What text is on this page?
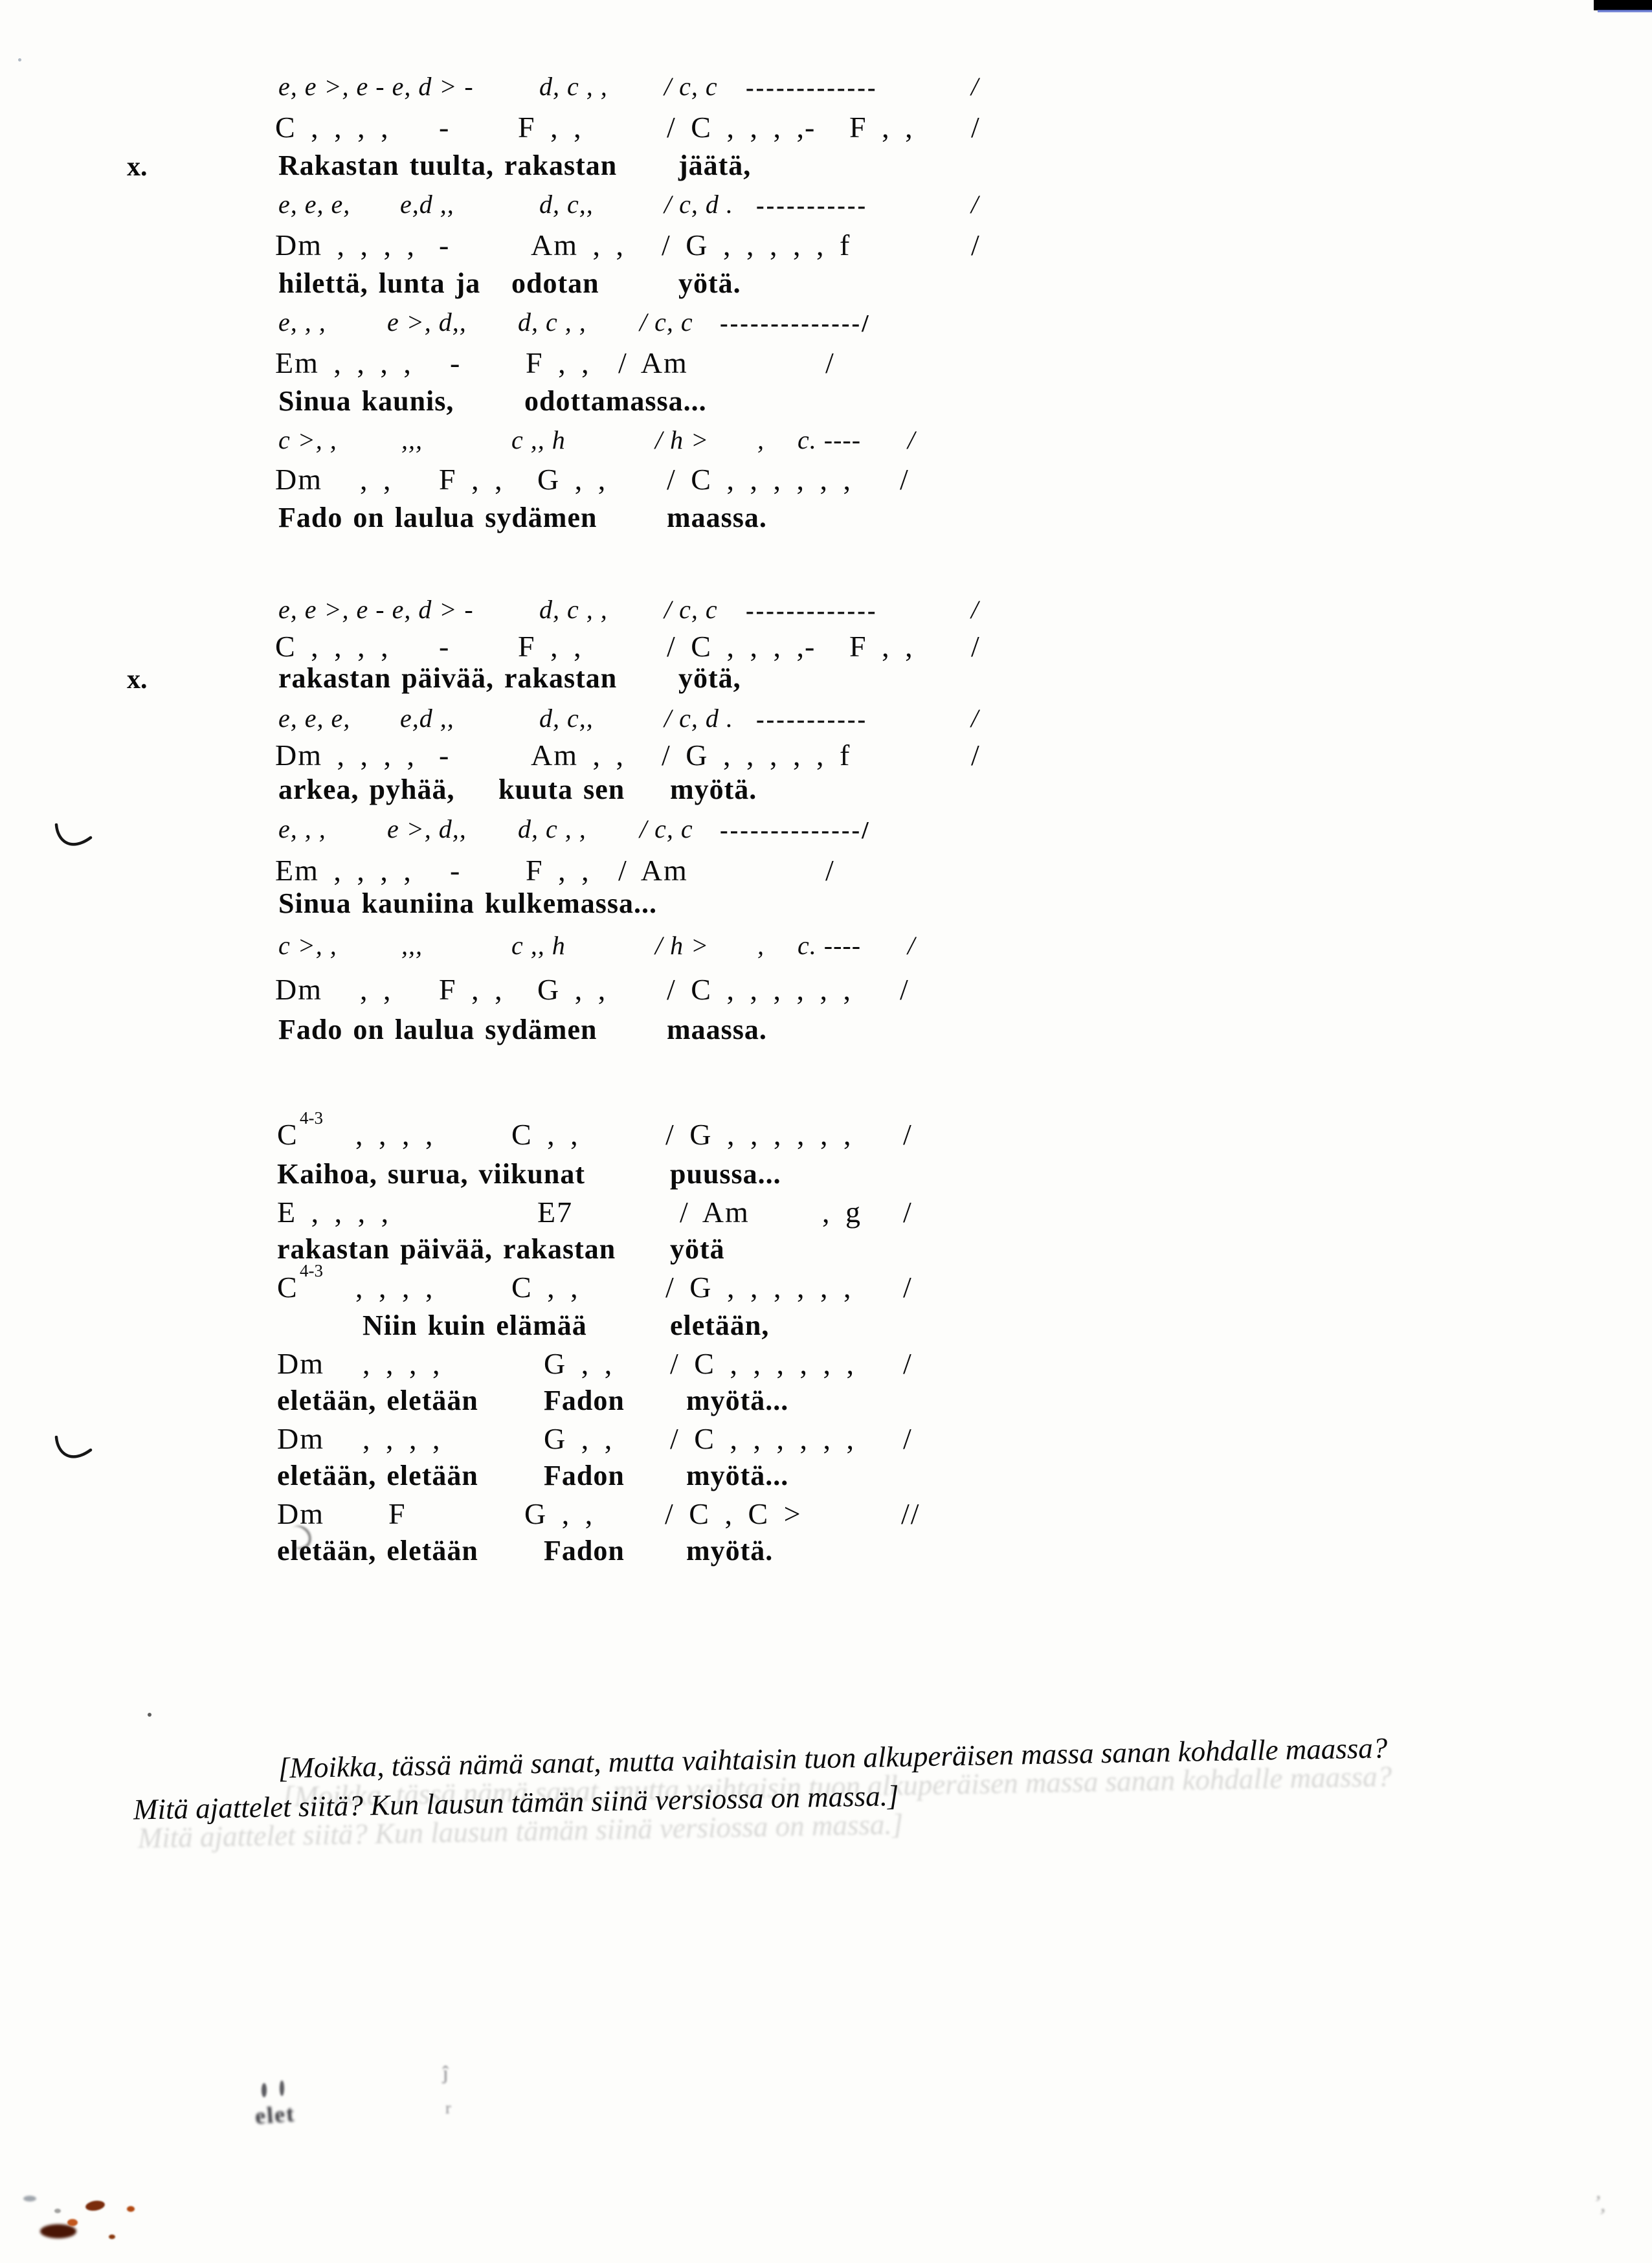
x.
x.
e, e >, e - e, d > -	d, c , , / c, c -------------	/
C , , , , - F , ,	/ C , , , , - F , , /
Rakastan tuulta, rakastan jäätä,
e, e, e, e,d ,,	d, c,,	/ c, d . -----------	/
Dm , , , , -	Am , , / G , , , , , f	/
hilettä, lunta ja odotan	yötä.
e, , , e >, d,, d, c , , / c, c --------------/
Em , , , , - F , , / Am	/
Sinua kaunis, odottamassa...
c >, , ,,,	c ,, h	/ h > , c. ---- /
Dm , , F , , G , , / C , , , , , , /
Fado on laulua sydämen maassa.
e, e >, e - e, d > -	d, c , , / c, c -------------	/
C , , , , - F , ,	/ C , , , , - F , , /
rakastan päivää, rakastan yötä,
e, e, e, e,d ,,	d, c,,	/ c, d . -----------	/
Dm , , , , -	Am , , / G , , , , , f	/
arkea, pyhää, kuuta sen myötä.
e, , , e >, d,, d, c , , / c, c --------------/
Em , , , , - F , , / Am	/
Sinua kauniina kulkemassa...
c >, , ,,,	c ,, h	/ h > , c. ---- /
Dm , , F , , G , , / C , , , , , , /
Fado on laulua sydämen maassa.
C 4-3 , , , ,	C , ,	/ G , , , , , , /
Kaihoa, surua, viikunat	puussa...
E , , , ,	E7	/ Am , g /
rakastan päivää, rakastan yötä
C 4-3 , , , ,	C , ,	/ G , , , , , , /
Niin kuin elämää	eletään,
Dm , , , ,	G , , / C , , , , , , /
eletään, eletään Fadon myötä...
Dm , , , ,	G , , / C , , , , , , /
eletään, eletään Fadon myötä...
Dm F	G , , / C , C >	//
eletään, eletään Fadon myötä.
[Moikka, tässä nämä sanat, mutta vaihtaisin tuon alkuperäisen massa sanan kohdalle maassa?
Mitä ajattelet siitä? Kun lausun tämän siinä versiossa on massa.]
elet
ĵ
r
’,
